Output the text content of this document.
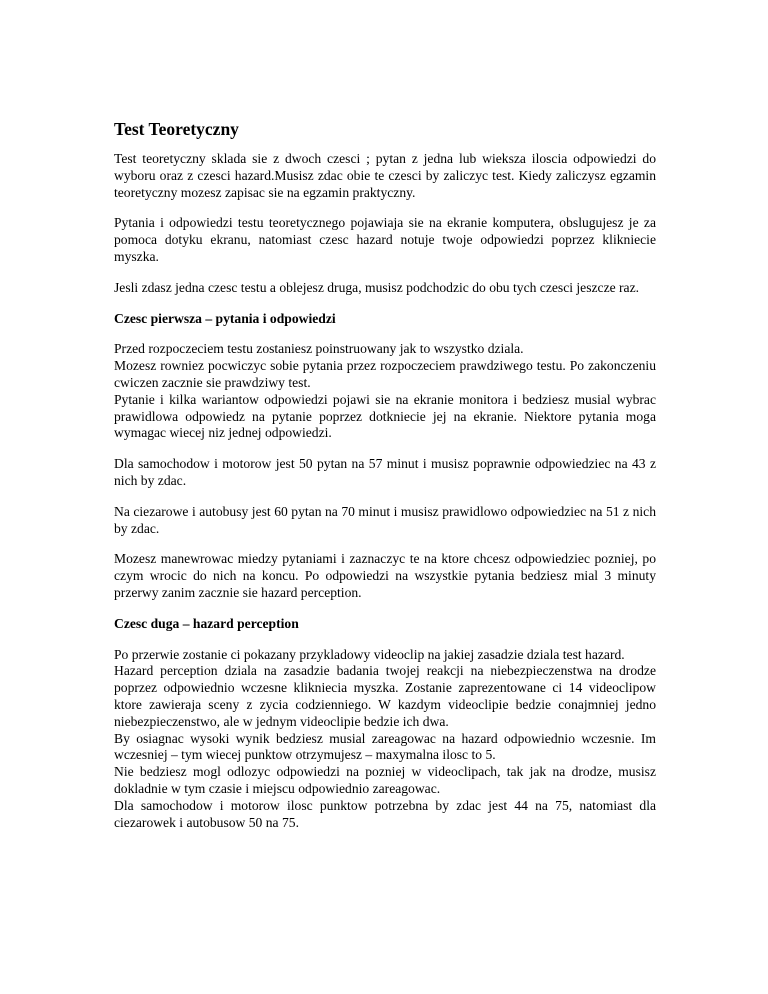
Test Teoretyczny

Test teoretyczny sklada sie z dwoch czesci ; pytan z jedna lub wieksza iloscia odpowiedzi do wyboru oraz z czesci hazard.Musisz zdac obie te czesci by zaliczyc test. Kiedy zaliczysz egzamin teoretyczny mozesz zapisac sie na egzamin praktyczny.

Pytania i odpowiedzi testu teoretycznego pojawiaja sie na ekranie komputera, obslugujesz je za pomoca dotyku ekranu, natomiast czesc hazard notuje twoje odpowiedzi poprzez klikniecie myszka.

Jesli zdasz jedna czesc testu a oblejesz druga, musisz podchodzic do obu tych czesci jeszcze raz.

Czesc pierwsza – pytania i odpowiedzi
Przed rozpoczeciem testu zostaniesz poinstruowany jak to wszystko dziala.
Mozesz rowniez pocwiczyc sobie pytania przez rozpoczeciem prawdziwego testu. Po zakonczeniu cwiczen zacznie sie prawdziwy test.
Pytanie i kilka wariantow odpowiedzi pojawi sie na ekranie monitora i bedziesz musial wybrac prawidlowa odpowiedz na pytanie poprzez dotkniecie jej na ekranie. Niektore pytania moga wymagac wiecej niz jednej odpowiedzi.

Dla samochodow i motorow jest 50 pytan na 57 minut i musisz poprawnie odpowiedziec na 43 z nich by zdac.

Na ciezarowe i autobusy jest 60 pytan na 70 minut i musisz prawidlowo odpowiedziec na 51 z nich by zdac.

Mozesz manewrowac miedzy pytaniami i zaznaczyc te na ktore chcesz odpowiedziec pozniej, po czym wrocic do nich na koncu. Po odpowiedzi na wszystkie pytania bedziesz mial 3 minuty przerwy zanim zacznie sie hazard perception.

Czesc duga – hazard perception
Po przerwie zostanie ci pokazany przykladowy videoclip na jakiej zasadzie dziala test hazard.
Hazard perception dziala na zasadzie badania twojej reakcji na niebezpieczenstwa na drodze poprzez odpowiednio wczesne klikniecia myszka. Zostanie zaprezentowane ci 14 videoclipow ktore zawieraja sceny z zycia codzienniego. W kazdym videoclipie bedzie conajmniej jedno niebezpieczenstwo, ale w jednym videoclipie bedzie ich dwa.
By osiagnac wysoki wynik bedziesz musial zareagowac na hazard odpowiednio wczesnie. Im wczesniej – tym wiecej punktow otrzymujesz – maxymalna ilosc to 5.
Nie bedziesz mogl odlozyc odpowiedzi na pozniej w videoclipach, tak jak na drodze, musisz dokladnie w tym czasie i miejscu odpowiednio zareagowac.
Dla samochodow i motorow ilosc punktow potrzebna by zdac jest 44 na 75, natomiast dla ciezarowek i autobusow 50 na 75.
